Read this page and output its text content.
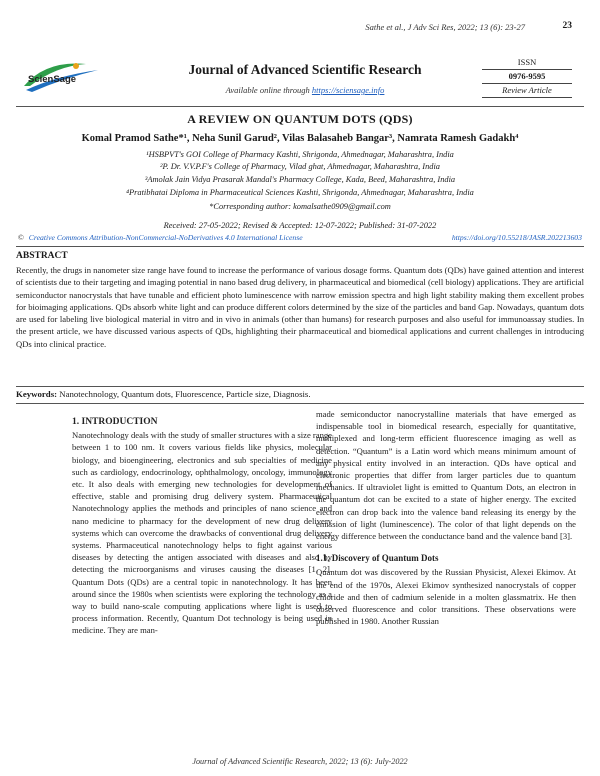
Sathe et al., J Adv Sci Res, 2022; 13 (6): 23-27	23
ScienSage
Journal of Advanced Scientific Research
Available online through https://sciensage.info
ISSN
0976-9595
Review Article
A REVIEW ON QUANTUM DOTS (QDS)
Komal Pramod Sathe*¹, Neha Sunil Garud², Vilas Balasaheb Bangar³, Namrata Ramesh Gadakh⁴
¹HSBPVT's GOI College of Pharmacy Kashti, Shrigonda, Ahmednagar, Maharashtra, India
²P. Dr. V.V.P.F's College of Pharmacy, Vilad ghat, Ahmednagar, Maharashtra, India
³Amolak Jain Vidya Prasarak Mandal's Pharmacy College, Kada, Beed, Maharashtra, India
⁴Pratibhatai Diploma in Pharmaceutical Sciences Kashti, Shrigonda, Ahmednagar, Maharashtra, India
*Corresponding author: komalsathe0909@gmail.com
Received: 27-05-2022; Revised & Accepted: 12-07-2022; Published: 31-07-2022
© Creative Commons Attribution-NonCommercial-NoDerivatives 4.0 International License	https://doi.org/10.55218/JASR.202213603
ABSTRACT
Recently, the drugs in nanometer size range have found to increase the performance of various dosage forms. Quantum dots (QDs) have gained attention and interest of scientists due to their targeting and imaging potential in nano based drug delivery, in pharmaceutical and biomedical (cell biology) applications. They are artificial semiconductor nanocrystals that have tunable and efficient photo luminescence with narrow emission spectra and high light stability making them excellent probes for bioimaging applications. QDs absorb white light and can produce different colors determined by the size of the particles and band Gap. Nowadays, quantum dots are used for labeling live biological material in vitro and in vivo in animals (other than humans) for research purposes and also useful for immunoassay studies. In the present article, we have discussed various aspects of QDs, highlighting their pharmaceutical and biomedical applications and current challenges in introducing QDs into clinical practice.
Keywords: Nanotechnology, Quantum dots, Fluorescence, Particle size, Diagnosis.
1. INTRODUCTION

Nanotechnology deals with the study of smaller structures with a size range between 1 to 100 nm. It covers various fields like physics, molecular biology, and bioengineering, electronics and sub specialties of medicine such as cardiology, endocrinology, ophthalmology, oncology, immunology etc. It also deals with emerging new technologies for development of effective, stable and promising drug delivery system. Pharmaceutical Nanotechnology applies the methods and principles of nano science and nano medicine to pharmacy for the development of new drug delivery systems which can overcome the drawbacks of conventional drug delivery systems. Pharmaceutical nanotechnology helps to fight against various diseases by detecting the antigen associated with diseases and also by detecting the microorganisms and viruses causing the diseases [1, 2]. Quantum Dots (QDs) are a central topic in nanotechnology. It has been around since the 1980s when scientists were exploring the technology as a way to build nano-scale computing applications where light is used to process information. Recently, Quantum Dot technology is being used in medicine. They are man-

made semiconductor nanocrystalline materials that have emerged as indispensable tool in biomedical research, especially for quantitative, multiplexed and long-term efficient fluorescence imaging as well as detection. “Quantum” is a Latin word which means minimum amount of any physical entity involved in an interaction. QDs have optical and electronic properties that differ from larger particles due to quantum mechanics. If ultraviolet light is emitted to Quantum Dots, an electron in the quantum dot can be excited to a state of higher energy. The excited electron can drop back into the valence band releasing its energy by the emission of light (luminescence). The color of that light depends on the energy difference between the conductance band and the valence band [3].

1.1. Discovery of Quantum Dots

Quantum dot was discovered by the Russian Physicist, Alexei Ekimov. At the end of the 1970s, Alexei Ekimov synthesized nanocrystals of copper chloride and then of cadmium selenide in a molten glassmatrix. He then observed fluorescence and color transitions. These observations were published in 1980. Another Russian

Journal of Advanced Scientific Research, 2022; 13 (6): July-2022
